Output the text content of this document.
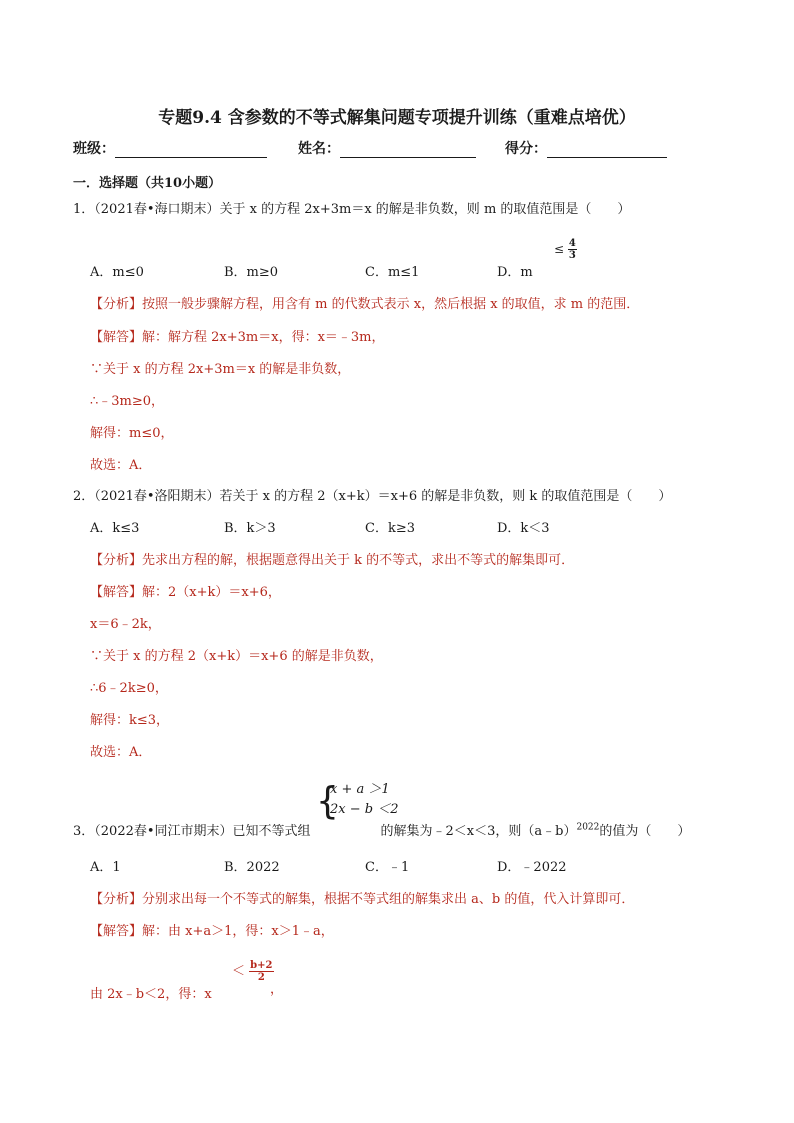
专题9.4 含参数的不等式解集问题专项提升训练（重难点培优）
班级：	姓名：	得分：
一．选择题（共10小题）
1．（2021春•海口期末）关于 x 的方程 2x+3m＝x 的解是非负数，则 m 的取值范围是（　　）
A．m≤0	B．m≥0	C．m≤1	D．m
≤ $\frac{4}{3}$
【分析】按照一般步骤解方程，用含有 m 的代数式表示 x，然后根据 x 的取值，求 m 的范围．
【解答】解：解方程 2x+3m＝x，得：x＝﹣3m，
∵关于 x 的方程 2x+3m＝x 的解是非负数，
∴﹣3m≥0，
解得：m≤0，
故选：A．
2．（2021春•洛阳期末）若关于 x 的方程 2（x+k）＝x+6 的解是非负数，则 k 的取值范围是（　　）
A．k≤3	B．k＞3	C．k≥3	D．k＜3
【分析】先求出方程的解，根据题意得出关于 k 的不等式，求出不等式的解集即可．
【解答】解：2（x+k）＝x+6，
x＝6﹣2k，
∵关于 x 的方程 2（x+k）＝x+6 的解是非负数，
∴6﹣2k≥0，
解得：k≤3，
故选：A．
{
x + a ＞1
2x − b ＜2
3．（2022春•同江市期末）已知不等式组	的解集为﹣2＜x＜3，则（a﹣b）$^{2022}$的值为（　　）
A．1	B．2022	C．﹣1	D．﹣2022
【分析】分别求出每一个不等式的解集，根据不等式组的解集求出 a、b 的值，代入计算即可．
【解答】解：由 x+a＞1，得：x＞1﹣a，
由 2x﹣b＜2，得：x
＜ $\frac{b+2}{2}$
，
